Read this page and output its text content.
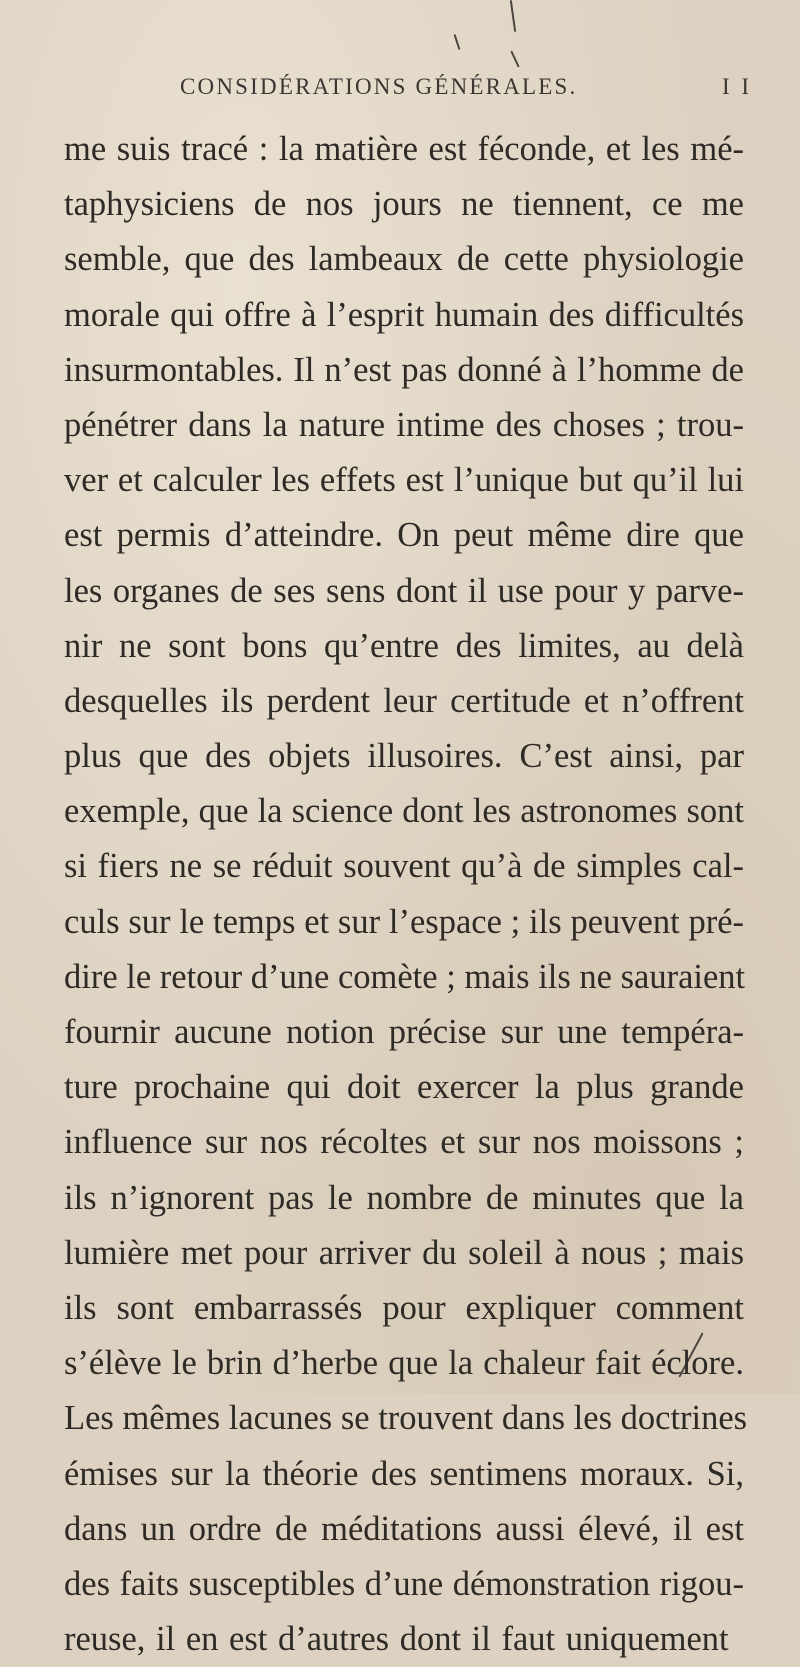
CONSIDÉRATIONS GÉNÉRALES.	I I
me suis tracé : la matière est féconde, et les mé-
taphysiciens de nos jours ne tiennent, ce me
semble, que des lambeaux de cette physiologie
morale qui offre à l’esprit humain des difficultés
insurmontables. Il n’est pas donné à l’homme de
pénétrer dans la nature intime des choses ; trou-
ver et calculer les effets est l’unique but qu’il lui
est permis d’atteindre. On peut même dire que
les organes de ses sens dont il use pour y parve-
nir ne sont bons qu’entre des limites, au delà
desquelles ils perdent leur certitude et n’offrent
plus que des objets illusoires. C’est ainsi, par
exemple, que la science dont les astronomes sont
si fiers ne se réduit souvent qu’à de simples cal-
culs sur le temps et sur l’espace ; ils peuvent pré-
dire le retour d’une comète ; mais ils ne sauraient
fournir aucune notion précise sur une tempéra-
ture prochaine qui doit exercer la plus grande
influence sur nos récoltes et sur nos moissons ;
ils n’ignorent pas le nombre de minutes que la
lumière met pour arriver du soleil à nous ; mais
ils sont embarrassés pour expliquer comment
s’élève le brin d’herbe que la chaleur fait éclore.
Les mêmes lacunes se trouvent dans les doctrines
émises sur la théorie des sentimens moraux. Si,
dans un ordre de méditations aussi élevé, il est
des faits susceptibles d’une démonstration rigou-
reuse, il en est d’autres dont il faut uniquement
